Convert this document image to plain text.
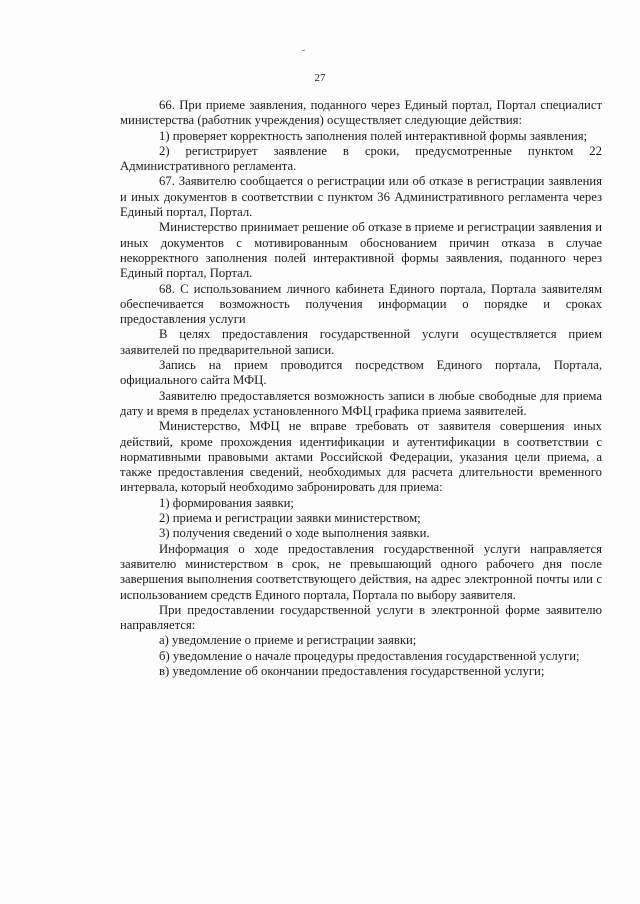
27

66. При приеме заявления, поданного через Единый портал, Портал специалист министерства (работник учреждения) осуществляет следующие действия:

1) проверяет корректность заполнения полей интерактивной формы заявления;

2) регистрирует заявление в сроки, предусмотренные пунктом 22 Административного регламента.

67. Заявителю сообщается о регистрации или об отказе в регистрации заявления и иных документов в соответствии с пунктом 36 Административного регламента через Единый портал, Портал.

Министерство принимает решение об отказе в приеме и регистрации заявления и иных документов с мотивированным обоснованием причин отказа в случае некорректного заполнения полей интерактивной формы заявления, поданного через Единый портал, Портал.

68. С использованием личного кабинета Единого портала, Портала заявителям обеспечивается возможность получения информации о порядке и сроках предоставления услуги

В целях предоставления государственной услуги осуществляется прием заявителей по предварительной записи.

Запись на прием проводится посредством Единого портала, Портала, официального сайта МФЦ.

Заявителю предоставляется возможность записи в любые свободные для приема дату и время в пределах установленного МФЦ графика приема заявителей.

Министерство, МФЦ не вправе требовать от заявителя совершения иных действий, кроме прохождения идентификации и аутентификации в соответствии с нормативными правовыми актами Российской Федерации, указания цели приема, а также предоставления сведений, необходимых для расчета длительности временного интервала, который необходимо забронировать для приема:

1) формирования заявки;

2) приема и регистрации заявки министерством;

3) получения сведений о ходе выполнения заявки.

Информация о ходе предоставления государственной услуги направляется заявителю министерством в срок, не превышающий одного рабочего дня после завершения выполнения соответствующего действия, на адрес электронной почты или с использованием средств Единого портала, Портала по выбору заявителя.

При предоставлении государственной услуги в электронной форме заявителю направляется:

а) уведомление о приеме и регистрации заявки;

б) уведомление о начале процедуры предоставления государственной услуги;

в) уведомление об окончании предоставления государственной услуги;
